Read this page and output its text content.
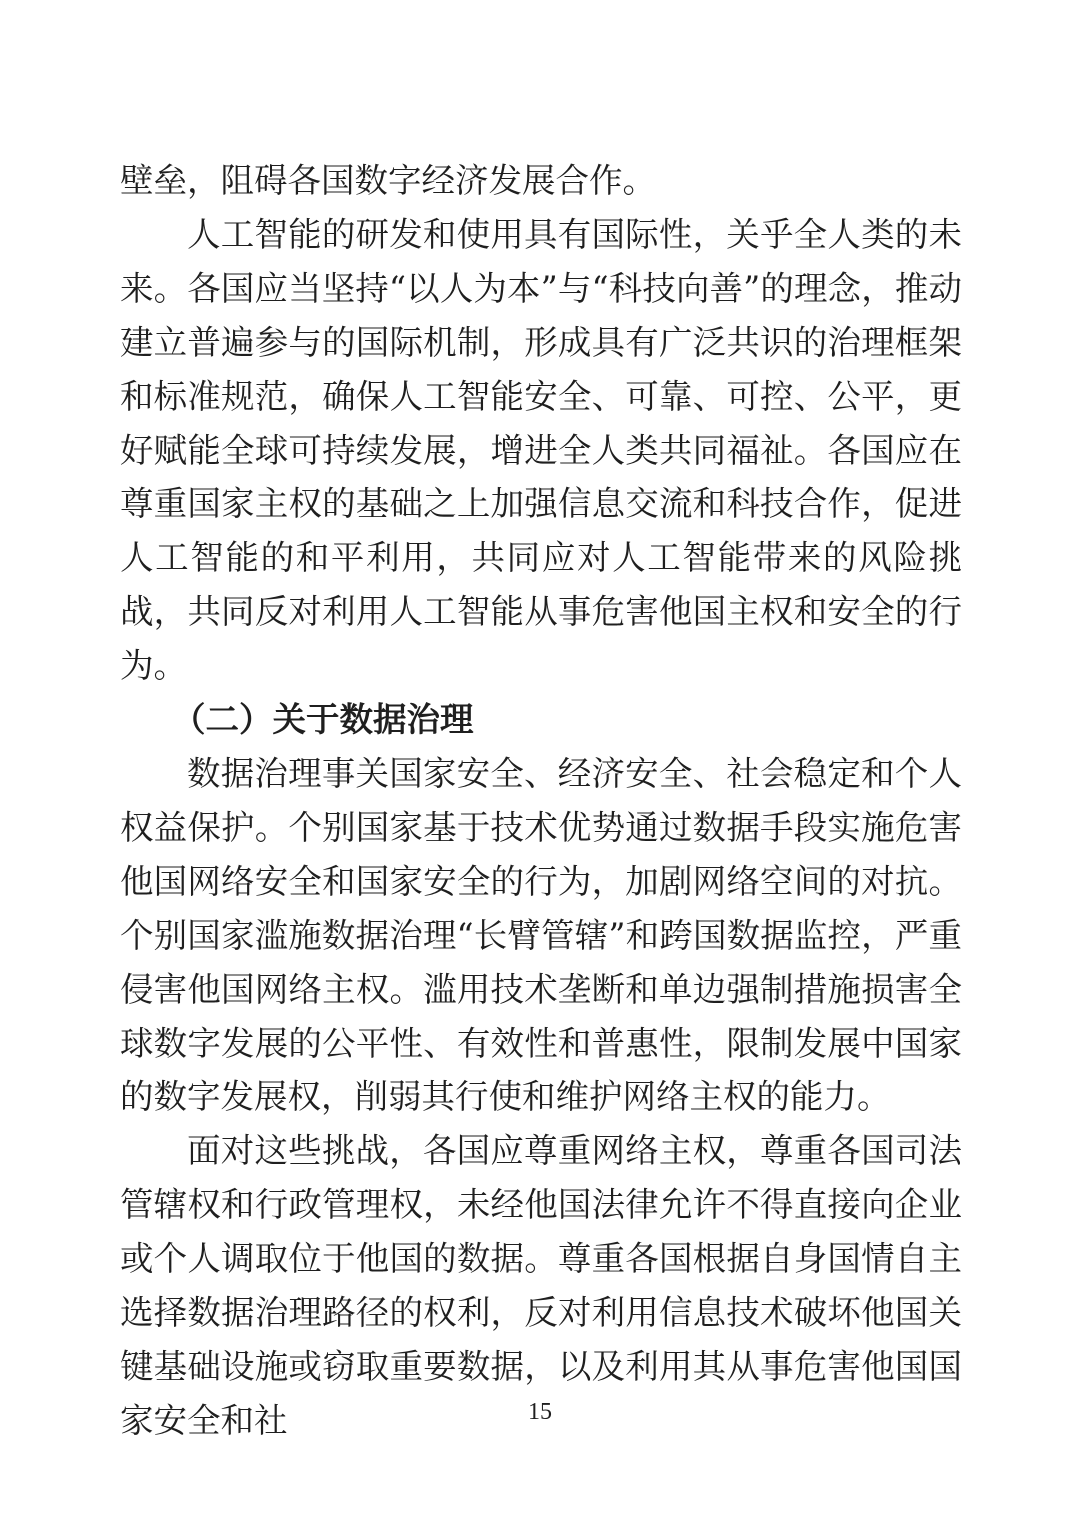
壁垒，阻碍各国数字经济发展合作。

人工智能的研发和使用具有国际性，关乎全人类的未来。各国应当坚持“以人为本”与“科技向善”的理念，推动建立普遍参与的国际机制，形成具有广泛共识的治理框架和标准规范，确保人工智能安全、可靠、可控、公平，更好赋能全球可持续发展，增进全人类共同福祉。各国应在尊重国家主权的基础之上加强信息交流和科技合作，促进人工智能的和平利用，共同应对人工智能带来的风险挑战，共同反对利用人工智能从事危害他国主权和安全的行为。

（二）关于数据治理

数据治理事关国家安全、经济安全、社会稳定和个人权益保护。个别国家基于技术优势通过数据手段实施危害他国网络安全和国家安全的行为，加剧网络空间的对抗。个别国家滥施数据治理“长臂管辖”和跨国数据监控，严重侵害他国网络主权。滥用技术垄断和单边强制措施损害全球数字发展的公平性、有效性和普惠性，限制发展中国家的数字发展权，削弱其行使和维护网络主权的能力。

面对这些挑战，各国应尊重网络主权，尊重各国司法管辖权和行政管理权，未经他国法律允许不得直接向企业或个人调取位于他国的数据。尊重各国根据自身国情自主选择数据治理路径的权利，反对利用信息技术破坏他国关键基础设施或窃取重要数据，以及利用其从事危害他国国家安全和社	15
